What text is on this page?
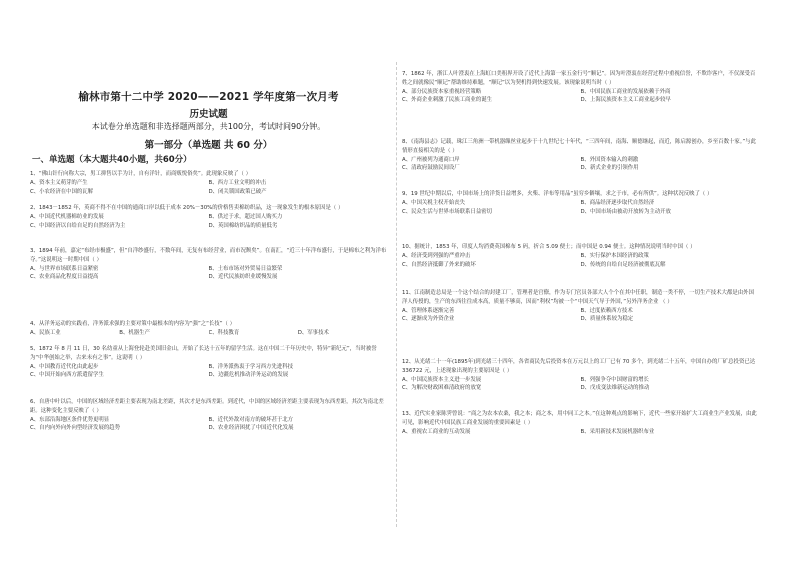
榆林市第十二中学 2020——2021 学年度第一次月考
历史试题
本试卷分单选题和非选择题两部分，共100分，考试时间90分钟。
第一部分（单选题 共 60 分）
一、单选题（本大题共40小题，共60分）
1、“佛山针行向称大宗，男工抑售以手为计，自有洋针，而商贩悦俗矣”。此现象反映了（ ）
A、资本主义萌芽的产生	B、西方工业文明的冲击
C、小农经济在中国的瓦解	D、闭关锁国政策已破产
2、1843－1852 年，英商不得不在中国的通商口岸以低于成本 20%－30%的价格售卖棉纺织品，这一现象发生的根本原因是（ ）
A、中国近代机器棉纺业的发展	B、供过于求，超过国人购买力
C、中国经济以自给自足的自然经济为主	D、英国棉纺织品的质量低劣
3、1894 年前，嘉定“布经市极盛”，但“自洋纱盛行，不数年间，无复有布经营业，而市况颓矣”。在南汇，“近三十年洋布盛行，于是棉布之利为洋布夺。”这说明这一时期中国（ ）
A、与世界市场联系日益紧密	B、土布市场对外贸易日益繁荣
C、农业商品化程度日益提高	D、近代民族纺织业缓慢发展
4、从洋务运动的实践看，洋务派求强的主要对策中最根本的内容为“强”之“长技”（ ）
A、民族工业	B、机器生产	C、科技教育	D、军事技术
5、1872 年 8 月 11 日，30 名幼童从上海登轮赴美国旧金山，开始了长达十五年的留学生活。这在中国二千年历史中，特异“新纪元”，当时被誉为“中华创始之举，古来未有之事”。这说明（ ）
A、中国教育近代化由此起步	B、洋务派热衷于学习西方先进科技
C、中国开始向西方派遣留学生	D、边疆危机推动洋务运动的发展
6、自唐中叶以后，中国的区域经济差距主要表现为南北差距，其次才是东西差距。到近代，中国的区域经济差距主要表现为东西差距，其次为南北差距。这种变化主要反映了（ ）
A、东部沿海地区条件优势更明显	B、近代外敌对南方的破坏甚于北方
C、自内向外向外向型经济发展的趋势	D、农业经济困扰了中国近代化发展
7、1862 年，浙江人叶澄衷在上海虹口美租界开设了近代上海第一家五金行号“顺记”。因为叶澄衷在经营过程中重视信誉，不欺诈客户，不仅深受百姓之间就像民“顺记”帮助维持难题，“顺记”以为契机得到快速发展。该现象说明当时（ ）
A、部分民族资本家重视经营策略	B、中国民族工商业的发展依赖于外商
C、外商企业刺激了民族工商业的诞生	D、上海民族资本主义工商业起步较早
8、《南海县志》记载，珠江三角洲一带机器缫丝业起步于十九世纪七十年代，“三四年间，南海、顺德继起，而近，陈启源创办，乡至百数十家。”与此情形直接相关的是（ ）
A、广州被列为通商口岸	B、外国资本输入的刺激
C、清政府鼓励民间设厂	D、新式企业的引领作用
9、19 世纪中期以后，中国市场上的洋货日益增多，火柴、洋布等用品“虽穷乡僻壤，求之于市，必有所供”。这种状况反映了（ ）
A、中国关税主权开始丧失	B、商品经济逐步取代自然经济
C、民众生活与世界市场联系日益密切	D、中国市场由被动开放转为主动开放
10、据统计，1853 年，印度人均消费英国棉布 5 码，折合 5.09 便士；而中国是 0.94 便士。这种情况说明当时中国（ ）
A、经济受到列强的严重冲击	B、实行保护本国经济的政策
C、自然经济抵御了外来的破坏	D、传统的自给自足经济被彻底瓦解
11、江南制造总局是一个这个结合的封建工厂，管理者是官僚，作为专门官员各部大人个个在其中任职，制造一类不停，一切生产技术大都是由外国洋人传授的，生产的东西往往成本高，质量不够高，因而“利权”均被一个“中国天气导于外国，”另外洋务企业 （ ）
A、管理体系逐渐完善	B、过度依赖西方技术
C、逐渐成为外资企业	D、质量体系较为稳定
12、从光绪二十一年(1895年)到光绪三十四年，各省商民先后投资本在万元以上的工厂已有 70 多个，到光绪二十五年，中国自办的厂矿总投资已达 336722 元，上述现象出现的主要原因是（ ）
A、中国民族资本主义进一步发展	B、列强争夺中国财富的增长
C、为解决财政困难清政府的放宽	D、戊戌变法维新运动的推动
13、近代实业家陈霁曾说：“商之为农本农桑，我之本；商之本，用中同工之本。”在这种观点的影响下，近代一些家开始扩大工商业生产业发展，由此可见，影响近代中国民族工商业发展的重要因素是（ ）
A、重视农工商业的互动发展	B、采用新技术发展机器织布业
